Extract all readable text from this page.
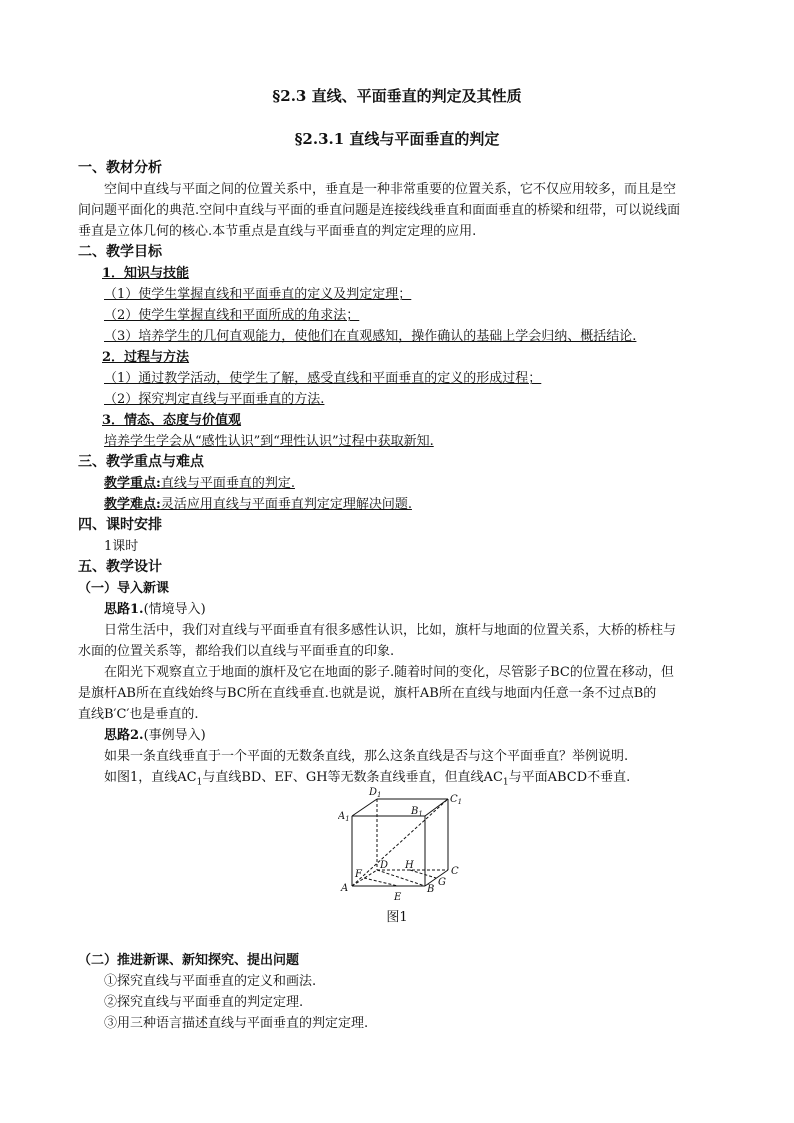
§2.3 直线、平面垂直的判定及其性质
§2.3.1 直线与平面垂直的判定
一、教材分析
空间中直线与平面之间的位置关系中，垂直是一种非常重要的位置关系，它不仅应用较多，而且是空
间问题平面化的典范.空间中直线与平面的垂直问题是连接线线垂直和面面垂直的桥梁和纽带，可以说线面
垂直是立体几何的核心.本节重点是直线与平面垂直的判定定理的应用.
二、教学目标
1．知识与技能
（1）使学生掌握直线和平面垂直的定义及判定定理；
（2）使学生掌握直线和平面所成的角求法；
（3）培养学生的几何直观能力，使他们在直观感知，操作确认的基础上学会归纳、概括结论.
2．过程与方法
（1）通过教学活动，使学生了解，感受直线和平面垂直的定义的形成过程；
（2）探究判定直线与平面垂直的方法.
3．情态、态度与价值观
培养学生学会从“感性认识”到“理性认识”过程中获取新知.
三、教学重点与难点
教学重点:直线与平面垂直的判定.
教学难点:灵活应用直线与平面垂直判定定理解决问题.
四、课时安排
1课时
五、教学设计
（一）导入新课
思路1.(情境导入)
日常生活中，我们对直线与平面垂直有很多感性认识，比如，旗杆与地面的位置关系，大桥的桥柱与
水面的位置关系等，都给我们以直线与平面垂直的印象.
在阳光下观察直立于地面的旗杆及它在地面的影子.随着时间的变化，尽管影子BC的位置在移动，但
是旗杆AB所在直线始终与BC所在直线垂直.也就是说，旗杆AB所在直线与地面内任意一条不过点B的
直线B′C′也是垂直的.
思路2.(事例导入)
如果一条直线垂直于一个平面的无数条直线，那么这条直线是否与这个平面垂直？举例说明.
如图1，直线$AC_1$与直线BD、EF、GH等无数条直线垂直，但直线$AC_1$与平面ABCD不垂直.
$D_1$	$C_1$
$A_1$
$B_1$
D H
F	C
A	B
G
E
图1
（二）推进新课、新知探究、提出问题
①探究直线与平面垂直的定义和画法.
②探究直线与平面垂直的判定定理.
③用三种语言描述直线与平面垂直的判定定理.
